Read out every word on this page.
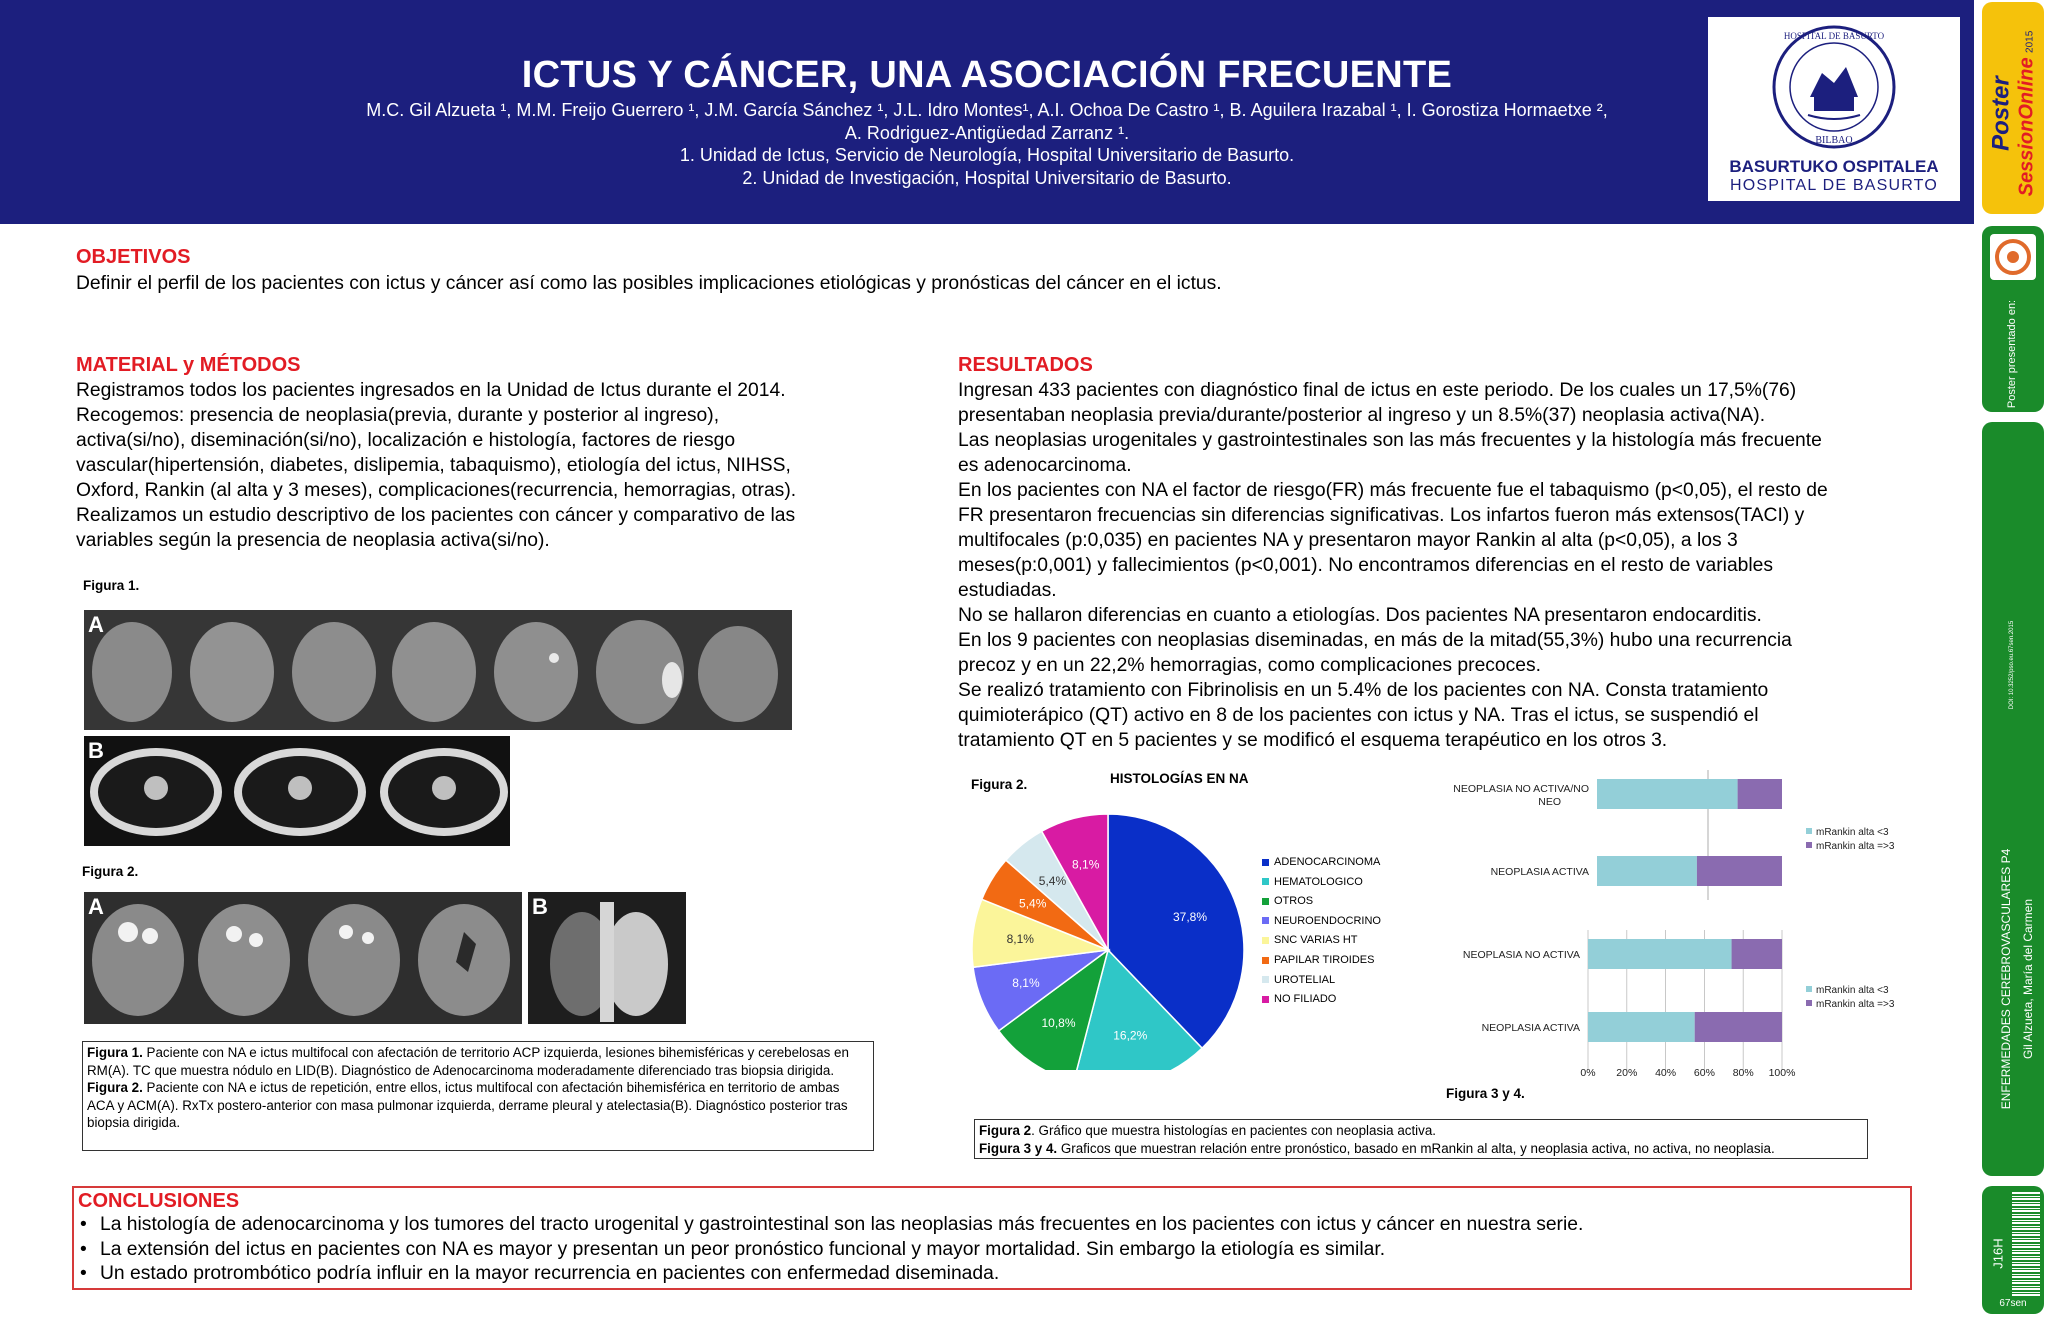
ICTUS Y CÁNCER, UNA ASOCIACIÓN FRECUENTE
M.C. Gil Alzueta ¹, M.M. Freijo Guerrero ¹, J.M. García Sánchez ¹, J.L. Idro Montes¹, A.I. Ochoa De Castro ¹, B. Aguilera Irazabal ¹, I. Gorostiza Hormaetxe ²,
A. Rodriguez-Antigüedad Zarranz ¹.
1. Unidad de Ictus, Servicio de Neurología, Hospital Universitario de Basurto.
2. Unidad de Investigación, Hospital Universitario de Basurto.
HOSPITAL DE BASURTO
BILBAO
BASURTUKO OSPITALEA
HOSPITAL DE BASURTO
Poster SessionOnline 2015
Poster presentado en:
DOI: 10.3252/pso.eu.67sen.2015
ENFERMEDADES CEREBROVASCULARES P4 Gil Alzueta, María del Carmen
J16H
67sen
OBJETIVOS
Definir el perfil de los pacientes con ictus y cáncer así como las posibles implicaciones etiológicas y pronósticas del cáncer en el ictus.
MATERIAL y MÉTODOS
Registramos todos los pacientes ingresados en la Unidad de Ictus durante el 2014.
Recogemos: presencia de neoplasia(previa, durante y posterior al ingreso),
activa(si/no), diseminación(si/no), localización e histología, factores de riesgo
vascular(hipertensión, diabetes, dislipemia, tabaquismo), etiología del ictus, NIHSS,
Oxford, Rankin (al alta y 3 meses), complicaciones(recurrencia, hemorragias, otras).
Realizamos un estudio descriptivo de los pacientes con cáncer y comparativo de las
variables según la presencia de neoplasia activa(si/no).
Figura 1.
A
B
Figura 2.
A	B
Figura 1. Paciente con NA e ictus multifocal con afectación de territorio ACP izquierda, lesiones bihemisféricas y cerebelosas en RM(A). TC que muestra nódulo en LID(B). Diagnóstico de Adenocarcinoma moderadamente diferenciado tras biopsia dirigida.
Figura 2. Paciente con NA e ictus de repetición, entre ellos, ictus multifocal con afectación bihemisférica en territorio de ambas ACA y ACM(A). RxTx postero-anterior con masa pulmonar izquierda, derrame pleural y atelectasia(B). Diagnóstico posterior tras biopsia dirigida.
RESULTADOS
Ingresan 433 pacientes con diagnóstico final de ictus en este periodo. De los cuales un 17,5%(76)
presentaban neoplasia previa/durante/posterior al ingreso y un 8.5%(37) neoplasia activa(NA).
Las neoplasias urogenitales y gastrointestinales son las más frecuentes y la histología más frecuente
es adenocarcinoma.
En los pacientes con NA el factor de riesgo(FR) más frecuente fue el tabaquismo (p<0,05), el resto de
FR presentaron frecuencias sin diferencias significativas. Los infartos fueron más extensos(TACI) y
multifocales (p:0,035) en pacientes NA y presentaron mayor Rankin al alta (p<0,05), a los 3
meses(p:0,001) y fallecimientos (p<0,001). No encontramos diferencias en el resto de variables
estudiadas.
No se hallaron diferencias en cuanto a etiologías. Dos pacientes NA presentaron endocarditis.
En los 9 pacientes con neoplasias diseminadas, en más de la mitad(55,3%) hubo una recurrencia
precoz y en un 22,2% hemorragias, como complicaciones precoces.
Se realizó tratamiento con Fibrinolisis en un 5.4% de los pacientes con NA. Consta tratamiento
quimioterápico (QT) activo en 8 de los pacientes con ictus y NA. Tras el ictus, se suspendió el
tratamiento QT en 5 pacientes y se modificó el esquema terapéutico en los otros 3.
Figura 2.	HISTOLOGÍAS EN NA
37,8%
16,2%
10,8%
8,1%
8,1%
5,4%
5,4%
8,1%	ADENOCARCINOMA
HEMATOLOGICO
OTROS
NEUROENDOCRINO
SNC VARIAS HT
PAPILAR TIROIDES
UROTELIAL
NO FILIADO
NEOPLASIA NO ACTIVA/NO NEO
NEOPLASIA ACTIVA
mRankin alta <3
mRankin alta =>3
NEOPLASIA NO ACTIVA
NEOPLASIA ACTIVA
mRankin alta <3
mRankin alta =>3
0% 20% 40% 60% 80% 100%
Figura 3 y 4.
Figura 2. Gráfico que muestra histologías en pacientes con neoplasia activa.
Figura 3 y 4. Graficos que muestran relación entre pronóstico, basado en mRankin al alta, y neoplasia activa, no activa, no neoplasia.
CONCLUSIONES
• La histología de adenocarcinoma y los tumores del tracto urogenital y gastrointestinal son las neoplasias más frecuentes en los pacientes con ictus y cáncer en nuestra serie.
• La extensión del ictus en pacientes con NA es mayor y presentan un peor pronóstico funcional y mayor mortalidad. Sin embargo la etiología es similar.
• Un estado protrombótico podría influir en la mayor recurrencia en pacientes con enfermedad diseminada.
